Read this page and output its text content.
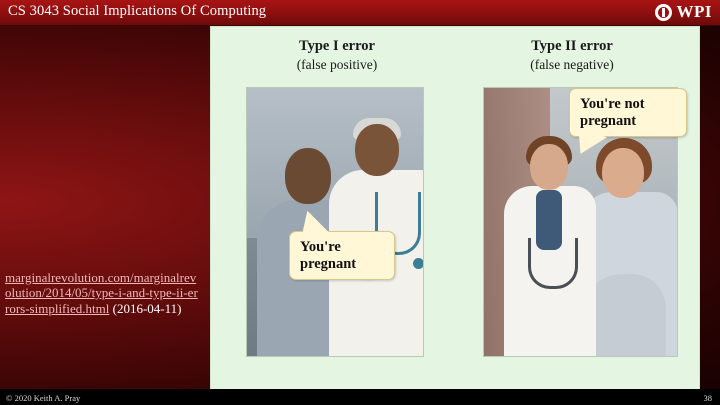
CS 3043 Social Implications Of Computing	WPI
Type I error
(false positive)
Type II error
(false negative)
You're pregnant
You're not pregnant
marginalrevolution.com/marginalrevolution/2014/05/type-i-and-type-ii-errors-simplified.html (2016-04-11)
© 2020 Keith A. Pray	38
